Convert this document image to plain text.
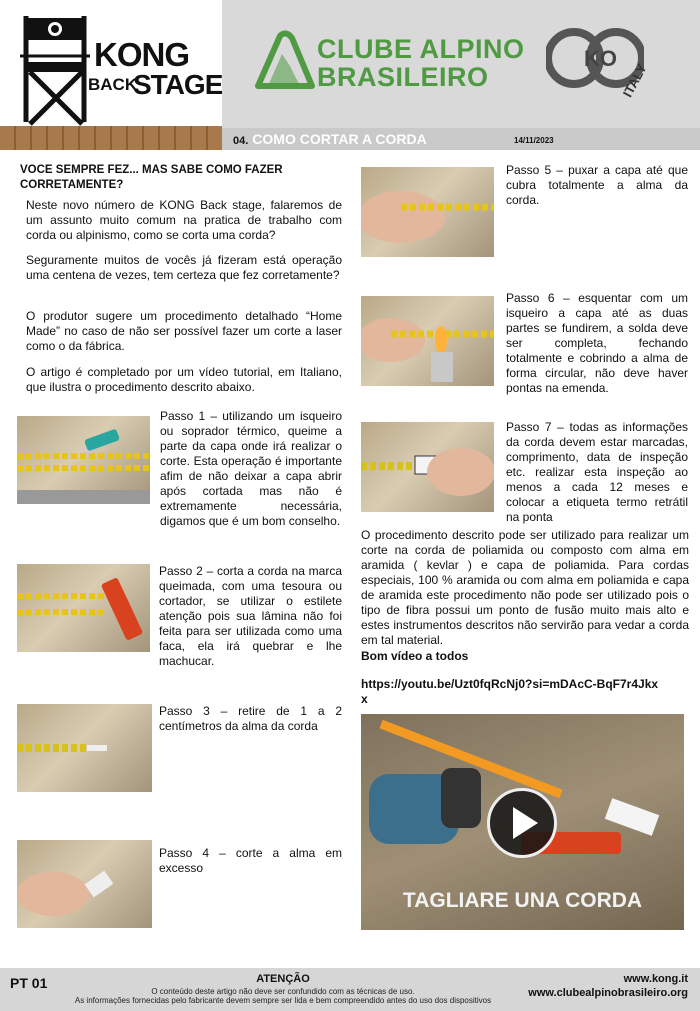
KONG
BACK
STAGE
CLUBE ALPINO
BRASILEIRO
KO
ITALY
04. COMO CORTAR A CORDA	14/11/2023
VOCE SEMPRE FEZ... MAS SABE COMO FAZER CORRETAMENTE?
Neste novo número de KONG Back stage, falaremos de um assunto muito comum na pratica de trabalho com corda ou alpinismo, como se corta uma corda?
Seguramente muitos de vocês já fizeram está operação uma centena de vezes, tem certeza que fez corretamente?
O produtor sugere um procedimento detalhado “Home Made” no caso de não ser possível fazer um corte a laser como o da fábrica.
O artigo é completado por um vídeo tutorial, em Italiano, que ilustra o procedimento descrito abaixo.
Passo 1 – utilizando um isqueiro ou soprador térmico, queime a parte da capa onde irá realizar o corte. Esta operação é importante afim de não deixar a capa abrir após cortada mas não é extremamente necessária, digamos que é um bom conselho.
Passo 2 – corta a corda na marca queimada, com uma tesoura ou cortador, se utilizar o estilete atenção pois sua lâmina não foi feita para ser utilizada como uma faca, ela irá quebrar e lhe machucar.
Passo 3 – retire de 1 a 2 centímetros da alma da corda
Passo 4 – corte a alma em excesso
Passo 5 – puxar a capa até que cubra totalmente a alma da corda.
Passo 6 – esquentar com um isqueiro a capa até as duas partes se fundirem, a solda deve ser completa, fechando totalmente e cobrindo a alma de forma circular, não deve haver pontas na emenda.
Passo 7 – todas as informações da corda devem estar marcadas, comprimento, data de inspeção etc. realizar esta inspeção ao menos a cada 12 meses e colocar a etiqueta termo retrátil na ponta
O procedimento descrito pode ser utilizado para realizar um corte na corda de poliamida ou composto com alma em aramida ( kevlar ) e capa de poliamida. Para cordas especiais, 100 % aramida ou com alma em poliamida e capa de aramida este procedimento não pode ser utilizado pois o tipo de fibra possui um ponto de fusão muito mais alto e estes instrumentos descritos não servirão para vedar a corda em tal material.
Bom vídeo a todos
https://youtu.be/Uzt0fqRcNj0?si=mDAcC-BqF7r4Jkxx
TAGLIARE UNA CORDA
PT 01	ATENÇÃO
O conteúdo deste artigo não deve ser confundido com as técnicas de uso.
As informações fornecidas pelo fabricante devem sempre ser lida e bem compreendido antes do uso dos dispositivos
www.kong.it
www.clubealpinobrasileiro.org
